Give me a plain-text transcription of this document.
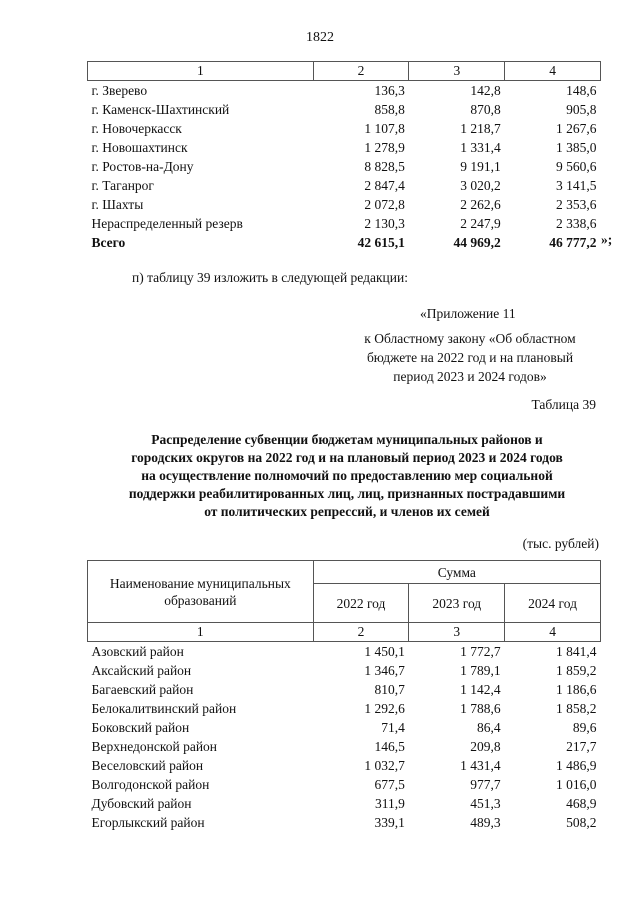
1822
1	2	3	4
г. Зверево	136,3	142,8	148,6
г. Каменск-Шахтинский	858,8	870,8	905,8
г. Новочеркасск	1 107,8	1 218,7	1 267,6
г. Новошахтинск	1 278,9	1 331,4	1 385,0
г. Ростов-на-Дону	8 828,5	9 191,1	9 560,6
г. Таганрог	2 847,4	3 020,2	3 141,5
г. Шахты	2 072,8	2 262,6	2 353,6
Нераспределенный резерв	2 130,3	2 247,9	2 338,6
Всего	42 615,1	44 969,2	46 777,2 »;
п) таблицу 39 изложить в следующей редакции:
«Приложение 11
к Областному закону «Об областном
бюджете на 2022 год и на плановый
период 2023 и 2024 годов»
Таблица 39
Распределение субвенции бюджетам муниципальных районов и
городских округов на 2022 год и на плановый период 2023 и 2024 годов
на осуществление полномочий по предоставлению мер социальной
поддержки реабилитированных лиц, лиц, признанных пострадавшими
от политических репрессий, и членов их семей
(тыс. рублей)
Наименование муниципальных образований	Сумма		
	2022 год	2023 год	2024 год
1	2	3	4
Азовский район	1 450,1	1 772,7	1 841,4
Аксайский район	1 346,7	1 789,1	1 859,2
Багаевский район	810,7	1 142,4	1 186,6
Белокалитвинский район	1 292,6	1 788,6	1 858,2
Боковский район	71,4	86,4	89,6
Верхнедонской район	146,5	209,8	217,7
Веселовский район	1 032,7	1 431,4	1 486,9
Волгодонской район	677,5	977,7	1 016,0
Дубовский район	311,9	451,3	468,9
Егорлыкский район	339,1	489,3	508,2
